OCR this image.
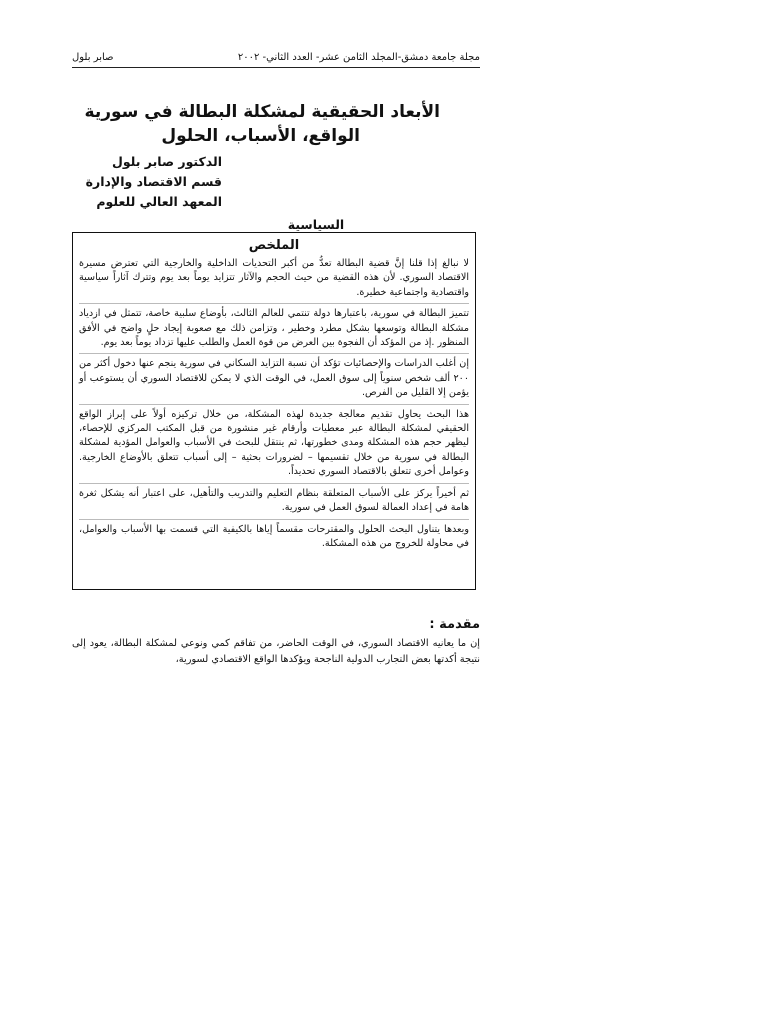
مجلة جامعة دمشق-المجلد الثامن عشر- العدد الثاني- ٢٠٠٢
صابر بلول
الأبعاد الحقيقية لمشكلة البطالة في سورية
الواقع، الأسباب، الحلول
الدكتور صابر بلول
قسم الاقتصاد والإدارة
المعهد العالي للعلوم
السياسية
الملخص

لا نبالغ إذا قلنا إنَّ قضية البطالة تعدُّ من أكبر التحديات الداخلية والخارجية التي تعترض مسيرة الاقتصاد السوري. لأن هذه القضية من حيث الحجم والآثار تتزايد يوماً بعد يوم وتترك آثاراً سياسية واقتصادية واجتماعية خطيرة.

تتميز البطالة في سورية، باعتبارها دولة تنتمي للعالم الثالث، بأوضاع سلبية خاصة، تتمثل في ازدياد مشكلة البطالة وتوسعها بشكل مطرد وخطير ، وتزامن ذلك مع صعوبة إيجاد حلٍ واضح في الأفق المنظور .إذ من المؤكد أن الفجوة بين العرض من قوة العمل والطلب عليها تزداد يوماً بعد يوم.

إن أغلب الدراسات والإحصائيات تؤكد أن نسبة التزايد السكاني في سورية ينجم عنها دخول أكثر من ٢٠٠ ألف شخص سنوياً إلى سوق العمل، في الوقت الذي لا يمكن للاقتصاد السوري أن يستوعب أو يؤمن إلا القليل من الفرص.

هذا البحث يحاول تقديم معالجة جديدة لهذه المشكلة، من خلال تركيزه أولاً على إبراز الواقع الحقيقي لمشكلة البطالة عبر معطيات وأرقام غير منشورة من قبل المكتب المركزي للإحصاء، ليظهر حجم هذه المشكلة ومدى خطورتها، ثم ينتقل للبحث في الأسباب والعوامل المؤدية لمشكلة البطالة في سورية من خلال تقسيمها – لضرورات بحثية – إلى أسباب تتعلق بالأوضاع الخارجية. وعوامل أخرى تتعلق بالاقتصاد السوري تحديداً.

ثم أخيراً يركز على الأسباب المتعلقة بنظام التعليم والتدريب والتأهيل، على اعتبار أنه يشكل ثغرة هامة في إعداد العمالة لسوق العمل في سورية.

وبعدها يتناول البحث الحلول والمقترحات مقسماً إياها بالكيفية التي قسمت بها الأسباب والعوامل، في محاولة للخروج من هذه المشكلة.

مقدمة :
إن ما يعانيه الاقتصاد السوري، في الوقت الحاضر، من تفاقم كمي ونوعي لمشكلة البطالة، يعود إلى نتيجة أكدتها بعض التجارب الدولية الناجحة ويؤكدها الواقع الاقتصادي لسورية،
